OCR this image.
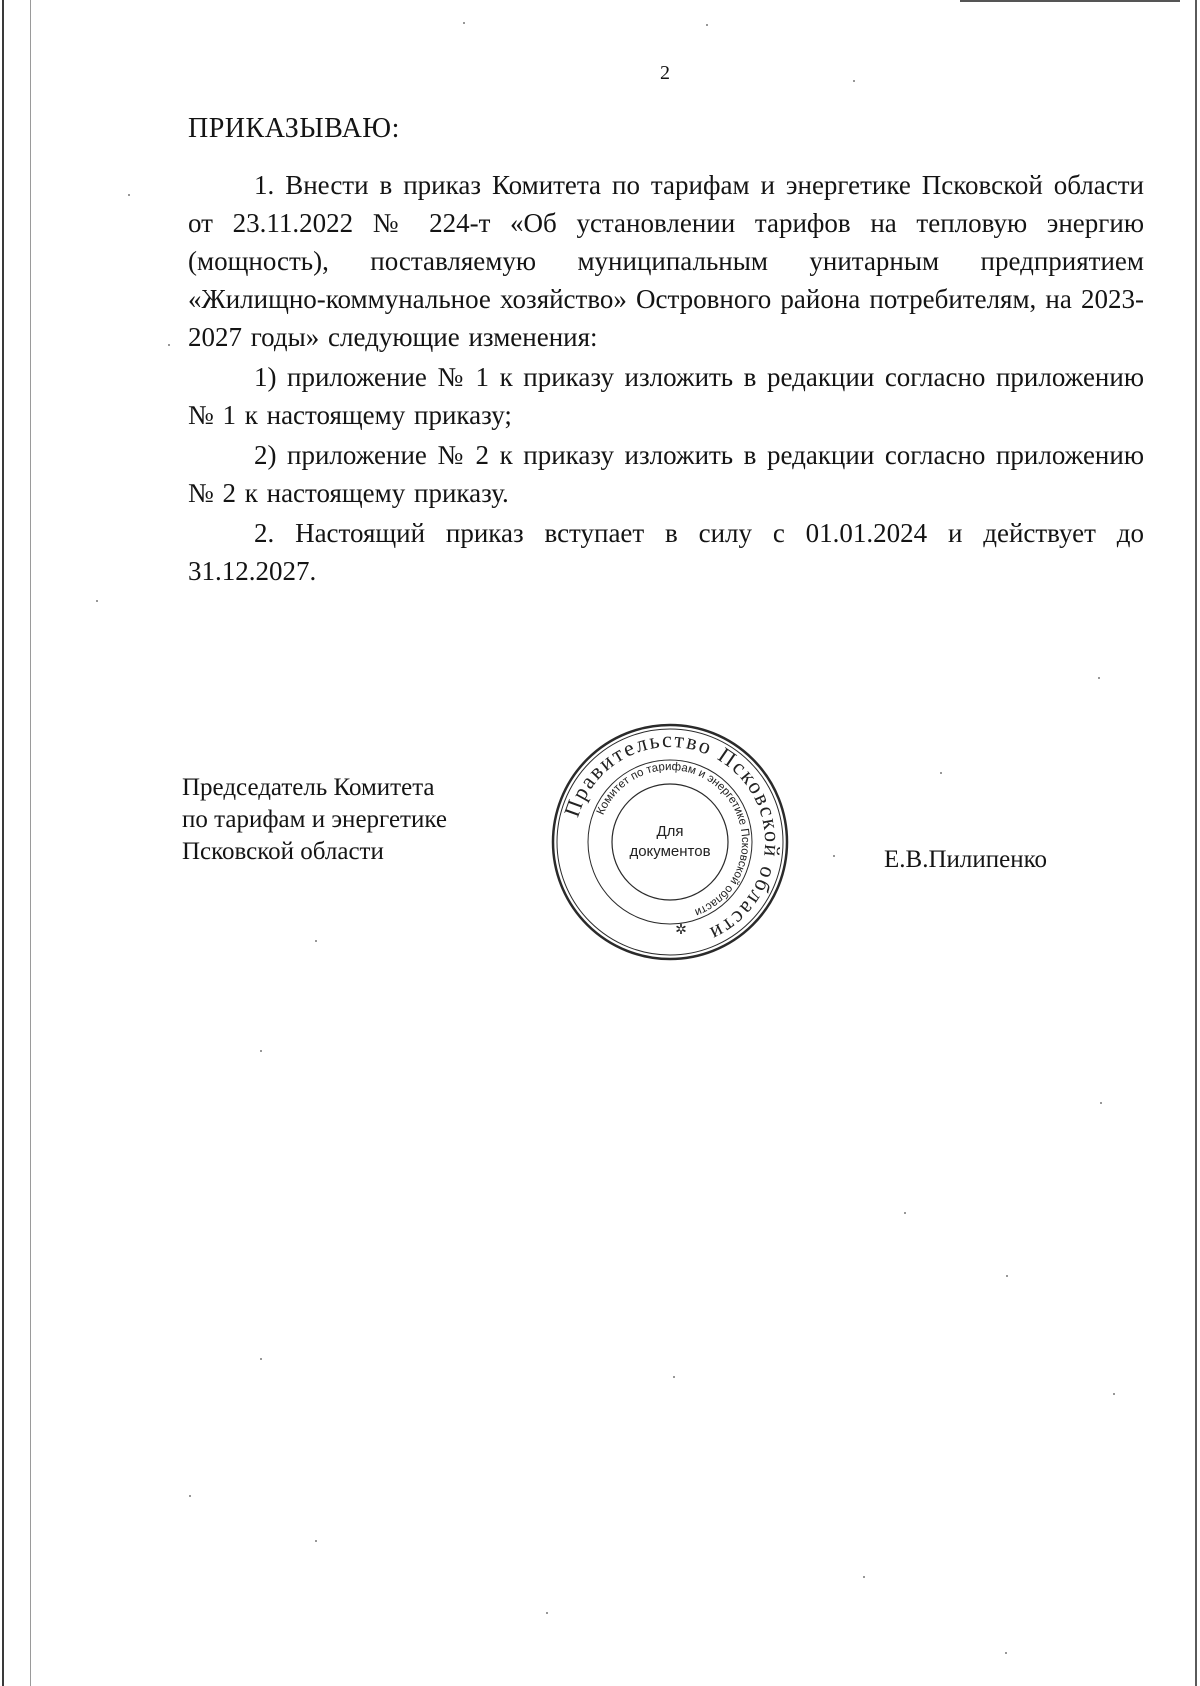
2
ПРИКАЗЫВАЮ:

1. Внести в приказ Комитета по тарифам и энергетике Псковской области от 23.11.2022 № 224-т «Об установлении тарифов на тепловую энергию (мощность), поставляемую муниципальным унитарным предприятием «Жилищно-коммунальное хозяйство» Островного района потребителям, на 2023-2027 годы» следующие изменения:

1) приложение № 1 к приказу изложить в редакции согласно приложению № 1 к настоящему приказу;

2) приложение № 2 к приказу изложить в редакции согласно приложению № 2 к настоящему приказу.

2. Настоящий приказ вступает в силу с 01.01.2024 и действует до 31.12.2027.

Председатель Комитета
по тарифам и энергетике
Псковской области
Правительство Псковской области
Комитет по тарифам и энергетике Псковской области
Для
документов
✲
Е.В.Пилипенко
